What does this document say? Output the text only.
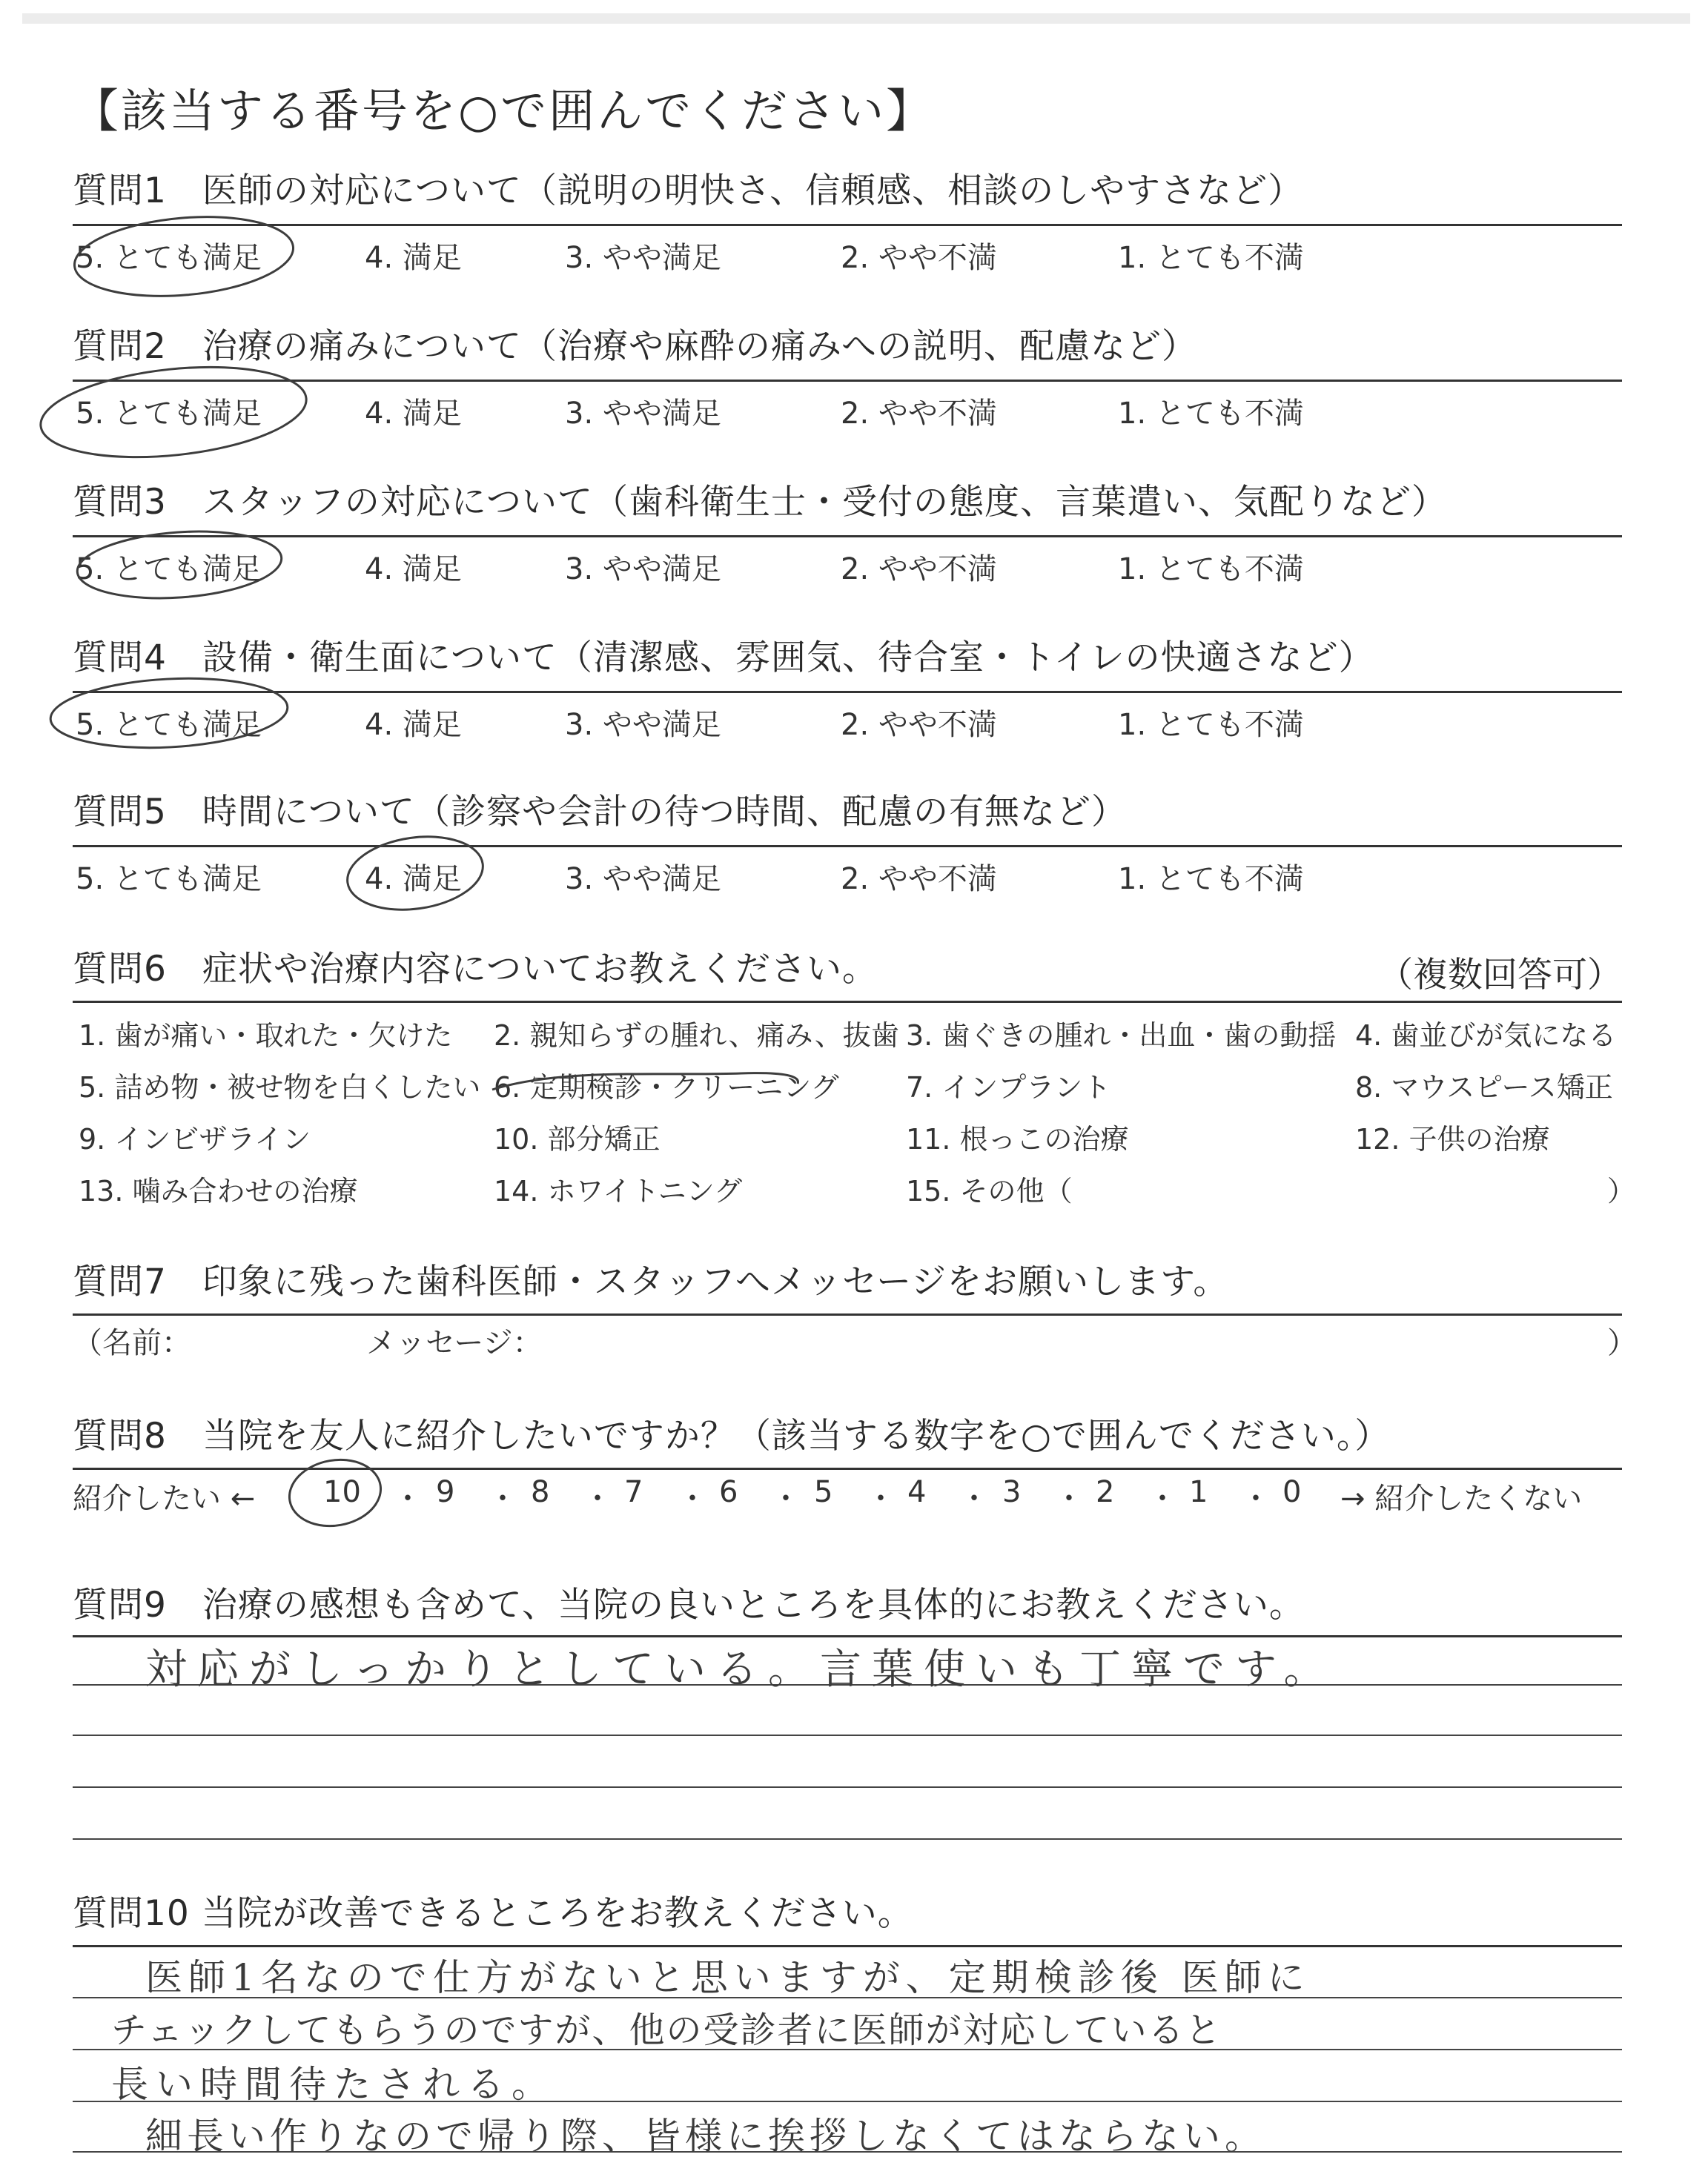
【該当する番号を○で囲んでください】
質問1　医師の対応について（説明の明快さ、信頼感、相談のしやすさなど）
5. とても満足	4. 満足	3. やや満足	2. やや不満	1. とても不満
質問2　治療の痛みについて（治療や麻酔の痛みへの説明、配慮など）
5. とても満足	4. 満足	3. やや満足	2. やや不満	1. とても不満
質問3　スタッフの対応について（歯科衛生士・受付の態度、言葉遣い、気配りなど）
5. とても満足	4. 満足	3. やや満足	2. やや不満	1. とても不満
質問4　設備・衛生面について（清潔感、雰囲気、待合室・トイレの快適さなど）
5. とても満足	4. 満足	3. やや満足	2. やや不満	1. とても不満
質問5　時間について（診察や会計の待つ時間、配慮の有無など）
5. とても満足	4. 満足	3. やや満足	2. やや不満	1. とても不満
質問6　症状や治療内容についてお教えください。	（複数回答可）
1. 歯が痛い・取れた・欠けた 2. 親知らずの腫れ、痛み、抜歯 3. 歯ぐきの腫れ・出血・歯の動揺 4. 歯並びが気になる
5. 詰め物・被せ物を白くしたい 6. 定期検診・クリーニング 7. インプラント	8. マウスピース矯正
9. インビザライン	10. 部分矯正	11. 根っこの治療	12. 子供の治療
13. 噛み合わせの治療	14. ホワイトニング	15. その他（	）
質問7　印象に残った歯科医師・スタッフへメッセージをお願いします。
（名前：	メッセージ：	）
質問8　当院を友人に紹介したいですか？（該当する数字を○で囲んでください。）
紹介したい ← 10 ・ 9 ・ 8 ・ 7 ・ 6 ・ 5 ・ 4 ・ 3 ・ 2 ・ 1 ・ 0 → 紹介したくない
質問9　治療の感想も含めて、当院の良いところを具体的にお教えください。
対応がしっかりとしている。言葉使いも丁寧です。
質問10 当院が改善できるところをお教えください。
医師1名なので仕方がないと思いますが、定期検診後 医師に
チェックしてもらうのですが、他の受診者に医師が対応していると
長い時間待たされる。
細長い作りなので帰り際、皆様に挨拶しなくてはならない。
